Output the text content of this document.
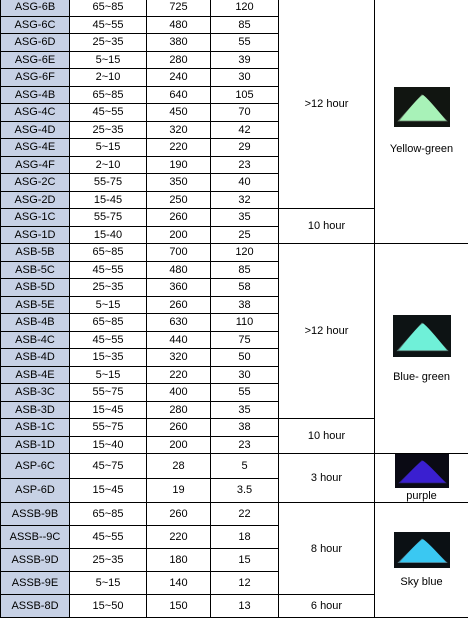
ASG-6B	65~85	725	120	>12 hour	Yellow-green

ASG-6C	45~55	480	85		
ASG-6D	25~35	380	55		
ASG-6E	5~15	280	39		
ASG-6F	2~10	240	30		
ASG-4B	65~85	640	105		
ASG-4C	45~55	450	70		
ASG-4D	25~35	320	42		
ASG-4E	5~15	220	29		
ASG-4F	2~10	190	23		
ASG-2C	55-75	350	40		
ASG-2D	15-45	250	32		
ASG-1C	55-75	260	35	10 hour	
ASG-1D	15-40	200	25		
ASB-5B	65~85	700	120	>12 hour	Blue- green

ASB-5C	45~55	480	85		
ASB-5D	25~35	360	58		
ASB-5E	5~15	260	38		
ASB-4B	65~85	630	110		
ASB-4C	45~55	440	75		
ASB-4D	15~35	320	50		
ASB-4E	5~15	220	30		
ASB-3C	55~75	400	55		
ASB-3D	15~45	280	35		
ASB-1C	55~75	260	38	10 hour	
ASB-1D	15~40	200	23		
ASP-6C	45~75	28	5	3 hour	purple

ASP-6D	15~45	19	3.5		
ASSB-9B	65~85	260	22	8 hour	Sky blue

ASSB--9C	45~55	220	18		
ASSB-9D	25~35	180	15		
ASSB-9E	5~15	140	12		
ASSB-8D	15~50	150	13	6 hour	
